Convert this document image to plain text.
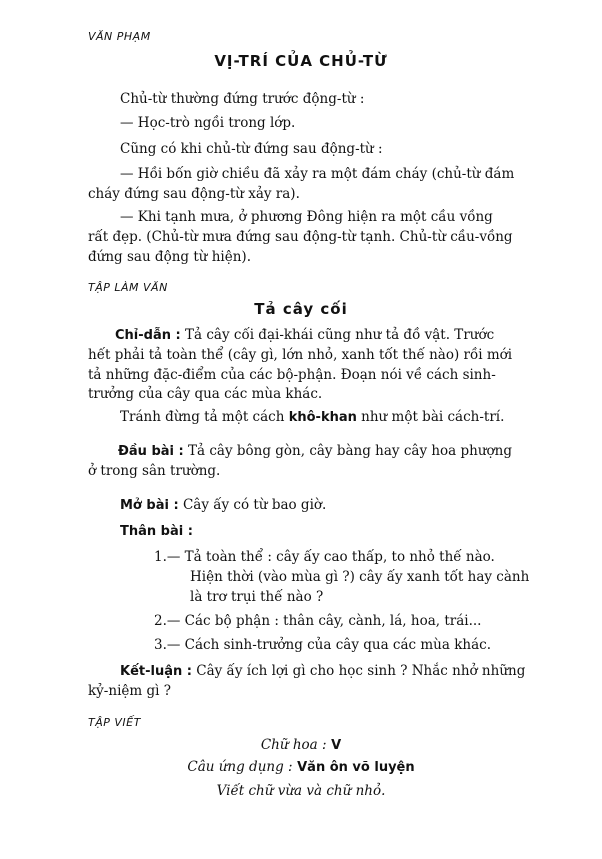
VĂN PHẠM
VỊ-TRÍ CỦA CHỦ-TỪ
Chủ-từ thường đứng trước động-từ :
— Học-trò ngồi trong lớp.
Cũng có khi chủ-từ đứng sau động-từ :
— Hồi bốn giờ chiều đã xảy ra một đám cháy (chủ-từ đám
cháy đứng sau động-từ xảy ra).
— Khi tạnh mưa, ở phương Đông hiện ra một cầu vồng
rất đẹp. (Chủ-từ mưa đứng sau động-từ tạnh. Chủ-từ cầu-vồng
đứng sau động từ hiện).
TẬP LÀM VĂN
Tả cây cối
Chỉ-dẫn : Tả cây cối đại-khái cũng như tả đồ vật. Trước
hết phải tả toàn thể (cây gì, lớn nhỏ, xanh tốt thế nào) rồi mới
tả những đặc-điểm của các bộ-phận. Đoạn nói về cách sinh-
trưởng của cây qua các mùa khác.
Tránh đừng tả một cách khô-khan như một bài cách-trí.
Đầu bài : Tả cây bông gòn, cây bàng hay cây hoa phượng
ở trong sân trường.
Mở bài : Cây ấy có từ bao giờ.
Thân bài :
1.— Tả toàn thể : cây ấy cao thấp, to nhỏ thế nào.
Hiện thời (vào mùa gì ?) cây ấy xanh tốt hay cành
là trơ trụi thế nào ?
2.— Các bộ phận : thân cây, cành, lá, hoa, trái...
3.— Cách sinh-trưởng của cây qua các mùa khác.
Kết-luận : Cây ấy ích lợi gì cho học sinh ? Nhắc nhở những
kỷ-niệm gì ?
TẬP VIẾT
Chữ hoa : V
Câu ứng dụng : Văn ôn võ luyện
Viết chữ vừa và chữ nhỏ.
